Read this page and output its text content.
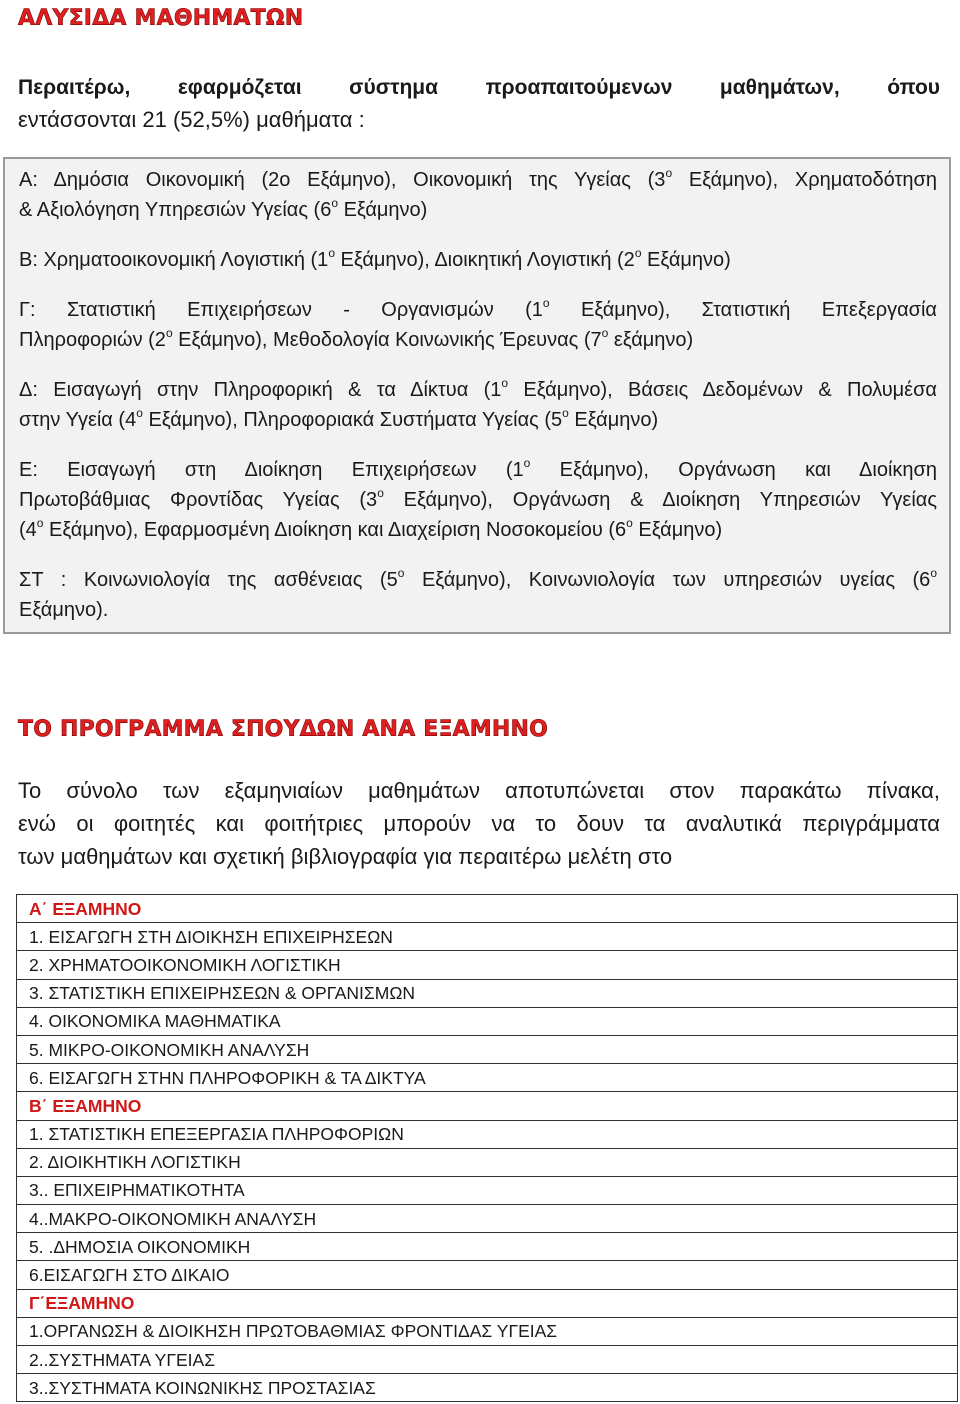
ΑΛΥΣΙΔΑ ΜΑΘΗΜΑΤΩΝ

Περαιτέρω, εφαρμόζεται σύστημα προαπαιτούμενων μαθημάτων, όπου
εντάσσονται 21 (52,5%) μαθήματα :

Α: Δημόσια Οικονομική (2ο Εξάμηνο), Οικονομική της Υγείας ($3^o$ Εξάμηνο), Χρηματοδότηση
& Αξιολόγηση Υπηρεσιών Υγείας ($6^o$ Εξάμηνο)

Β: Χρηματοοικονομική Λογιστική ($1^o$ Εξάμηνο), Διοικητική Λογιστική ($2^o$ Εξάμηνο)

Γ: Στατιστική Επιχειρήσεων - Οργανισμών ($1^o$ Εξάμηνο), Στατιστική Επεξεργασία
Πληροφοριών ($2^o$ Εξάμηνο), Μεθοδολογία Κοινωνικής Έρευνας ($7^o$ εξάμηνο)

Δ: Εισαγωγή στην Πληροφορική & τα Δίκτυα ($1^o$ Εξάμηνο), Βάσεις Δεδομένων & Πολυμέσα
στην Υγεία ($4^o$ Εξάμηνο), Πληροφοριακά Συστήματα Υγείας ($5^o$ Εξάμηνο)

Ε: Εισαγωγή στη Διοίκηση Επιχειρήσεων ($1^o$ Εξάμηνο), Οργάνωση και Διοίκηση
Πρωτοβάθμιας Φροντίδας Υγείας ($3^o$ Εξάμηνο), Οργάνωση & Διοίκηση Υπηρεσιών Υγείας
($4^o$ Εξάμηνο), Εφαρμοσμένη Διοίκηση και Διαχείριση Νοσοκομείου ($6^o$ Εξάμηνο)

ΣΤ : Κοινωνιολογία της ασθένειας ($5^o$ Εξάμηνο), Κοινωνιολογία των υπηρεσιών υγείας ($6^o$
Εξάμηνο).

ΤΟ ΠΡΟΓΡΑΜΜΑ ΣΠΟΥΔΩΝ ΑΝΑ ΕΞΑΜΗΝΟ

Το σύνολο των εξαμηνιαίων μαθημάτων αποτυπώνεται στον παρακάτω πίνακα,
ενώ οι φοιτητές και φοιτήτριες μπορούν να το δουν τα αναλυτικά περιγράμματα
των μαθημάτων και σχετική βιβλιογραφία για περαιτέρω μελέτη στο

Α΄ ΕΞΑΜΗΝΟ
1. ΕΙΣΑΓΩΓΗ ΣΤΗ ΔΙΟΙΚΗΣΗ ΕΠΙΧΕΙΡΗΣΕΩΝ
2. ΧΡΗΜΑΤΟΟΙΚΟΝΟΜΙΚΗ ΛΟΓΙΣΤΙΚΗ
3. ΣΤΑΤΙΣΤΙΚΗ ΕΠΙΧΕΙΡΗΣΕΩΝ & ΟΡΓΑΝΙΣΜΩΝ
4. ΟΙΚΟΝΟΜΙΚΑ ΜΑΘΗΜΑΤΙΚΑ
5. ΜΙΚΡΟ-ΟΙΚΟΝΟΜΙΚΗ ΑΝΑΛΥΣΗ
6. ΕΙΣΑΓΩΓΗ ΣΤΗΝ ΠΛΗΡΟΦΟΡΙΚΗ & ΤΑ ΔΙΚΤΥΑ
Β΄ ΕΞΑΜΗΝΟ
1. ΣΤΑΤΙΣΤΙΚΗ ΕΠΕΞΕΡΓΑΣΙΑ ΠΛΗΡΟΦΟΡΙΩΝ
2. ΔΙΟΙΚΗΤΙΚΗ ΛΟΓΙΣΤΙΚΗ
3.. ΕΠΙΧΕΙΡΗΜΑΤΙΚΟΤΗΤΑ
4..ΜΑΚΡΟ-ΟΙΚΟΝΟΜΙΚΗ ΑΝΑΛΥΣΗ
5. .ΔΗΜΟΣΙΑ ΟΙΚΟΝΟΜΙΚΗ
6.ΕΙΣΑΓΩΓΗ ΣΤΟ ΔΙΚΑΙΟ
Γ΄ΕΞΑΜΗΝΟ
1.ΟΡΓΑΝΩΣΗ & ΔΙΟΙΚΗΣΗ ΠΡΩΤΟΒΑΘΜΙΑΣ ΦΡΟΝΤΙΔΑΣ ΥΓΕΙΑΣ
2..ΣΥΣΤΗΜΑΤΑ ΥΓΕΙΑΣ
3..ΣΥΣΤΗΜΑΤΑ ΚΟΙΝΩΝΙΚΗΣ ΠΡΟΣΤΑΣΙΑΣ
